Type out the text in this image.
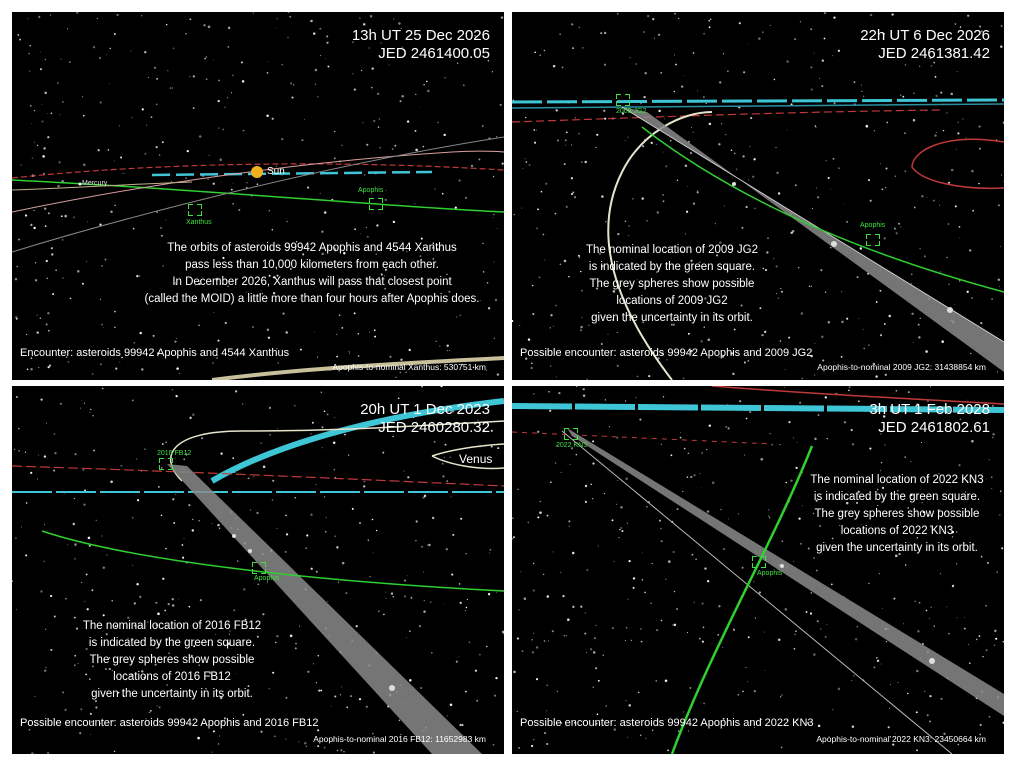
13h UT 25 Dec 2026
JED 2461400.05
Sun
Mercury
Apophis
Xanthus
The orbits of asteroids 99942 Apophis and 4544 Xanthus
pass less than 10,000 kilometers from each other.
In December 2026, Xanthus will pass that closest point
(called the MOID) a little more than four hours after Apophis does.
Encounter: asteroids 99942 Apophis and 4544 Xanthus
Apophis-to-nominal Xanthus: 530751 km
22h UT 6 Dec 2026
JED 2461381.42
2009 JG2
Apophis
The nominal location of 2009 JG2
is indicated by the green square.
The grey spheres show possible
locations of 2009 JG2
given the uncertainty in its orbit.
Possible encounter: asteroids 99942 Apophis and 2009 JG2
Apophis-to-nominal 2009 JG2: 31438854 km
20h UT 1 Dec 2023
JED 2460280.32
Venus
2016 FB12
Apophis
The nominal location of 2016 FB12
is indicated by the green square.
The grey spheres show possible
locations of 2016 FB12
given the uncertainty in its orbit.
Possible encounter: asteroids 99942 Apophis and 2016 FB12
Apophis-to-nominal 2016 FB12: 11652983 km
3h UT 1 Feb 2028
JED 2461802.61
2022 KN3
Apophis
The nominal location of 2022 KN3
is indicated by the green square.
The grey spheres show possible
locations of 2022 KN3
given the uncertainty in its orbit.
Possible encounter: asteroids 99942 Apophis and 2022 KN3
Apophis-to-nominal 2022 KN3: 23450664 km
